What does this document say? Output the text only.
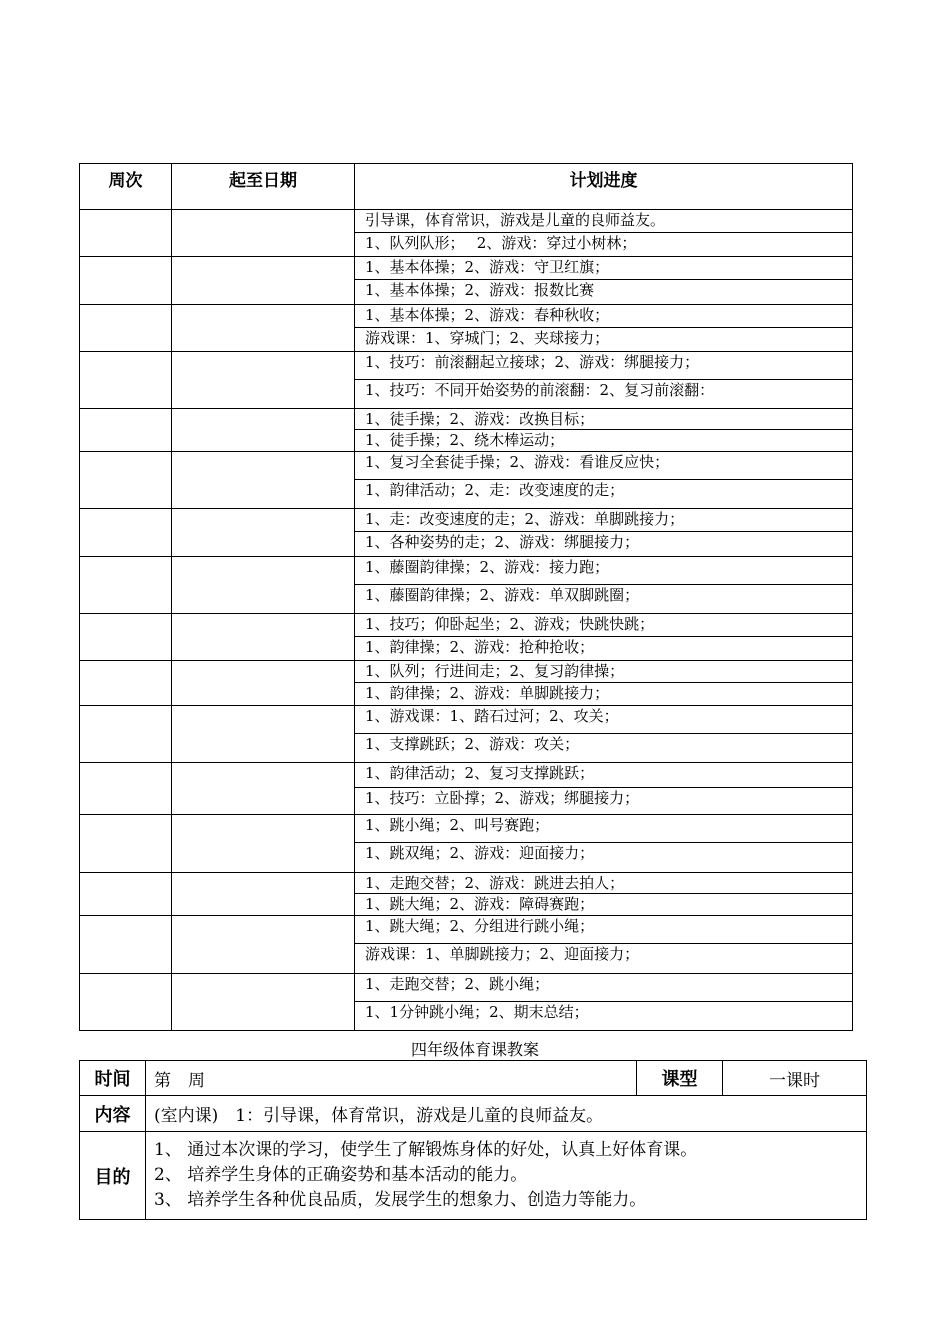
周次	起至日期	计划进度

		引导课，体育常识，游戏是儿童的良师益友。
1、队列队形；　 2、游戏：穿过小树林；

		1、基本体操；2、游戏：守卫红旗；
1、基本体操；2、游戏：报数比赛

		1、基本体操；2、游戏：春种秋收；
游戏课：1、穿城门；2、夹球接力；

		1、技巧：前滚翻起立接球；2、游戏：绑腿接力；
1、技巧：不同开始姿势的前滚翻：2、复习前滚翻：

		1、徒手操；2、游戏：改换目标；
1、徒手操；2、绕木棒运动；

		1、复习全套徒手操；2、游戏：看谁反应快；
1、韵律活动；2、走：改变速度的走；

		1、走：改变速度的走；2、游戏：单脚跳接力；
1、各种姿势的走；2、游戏：绑腿接力；

		1、藤圈韵律操；2、游戏：接力跑；
1、藤圈韵律操；2、游戏：单双脚跳圈；

		1、技巧；仰卧起坐；2、游戏；快跳快跳；
1、韵律操；2、游戏：抢种抢收；

		1、队列；行进间走；2、复习韵律操；
1、韵律操；2、游戏：单脚跳接力；

		1、游戏课：1、踏石过河；2、攻关；
1、支撑跳跃；2、游戏：攻关；

		1、韵律活动；2、复习支撑跳跃；
1、技巧：立卧撑；2、游戏；绑腿接力；

		1、跳小绳；2、叫号赛跑；
1、跳双绳；2、游戏：迎面接力；

		1、走跑交替；2、游戏：跳进去拍人；
1、跳大绳；2、游戏：障碍赛跑；

		1、跳大绳；2、分组进行跳小绳；
游戏课：1、单脚跳接力；2、迎面接力；

		1、走跑交替；2、跳小绳；
1、1分钟跳小绳；2、期末总结；
四年级体育课教案
时间	第　周	课型	一课时
内容	(室内课)　1：引导课，体育常识，游戏是儿童的良师益友。		
目的	1、 通过本次课的学习，使学生了解锻炼身体的好处，认真上好体育课。
2、 培养学生身体的正确姿势和基本活动的能力。
3、 培养学生各种优良品质，发展学生的想象力、创造力等能力。		
